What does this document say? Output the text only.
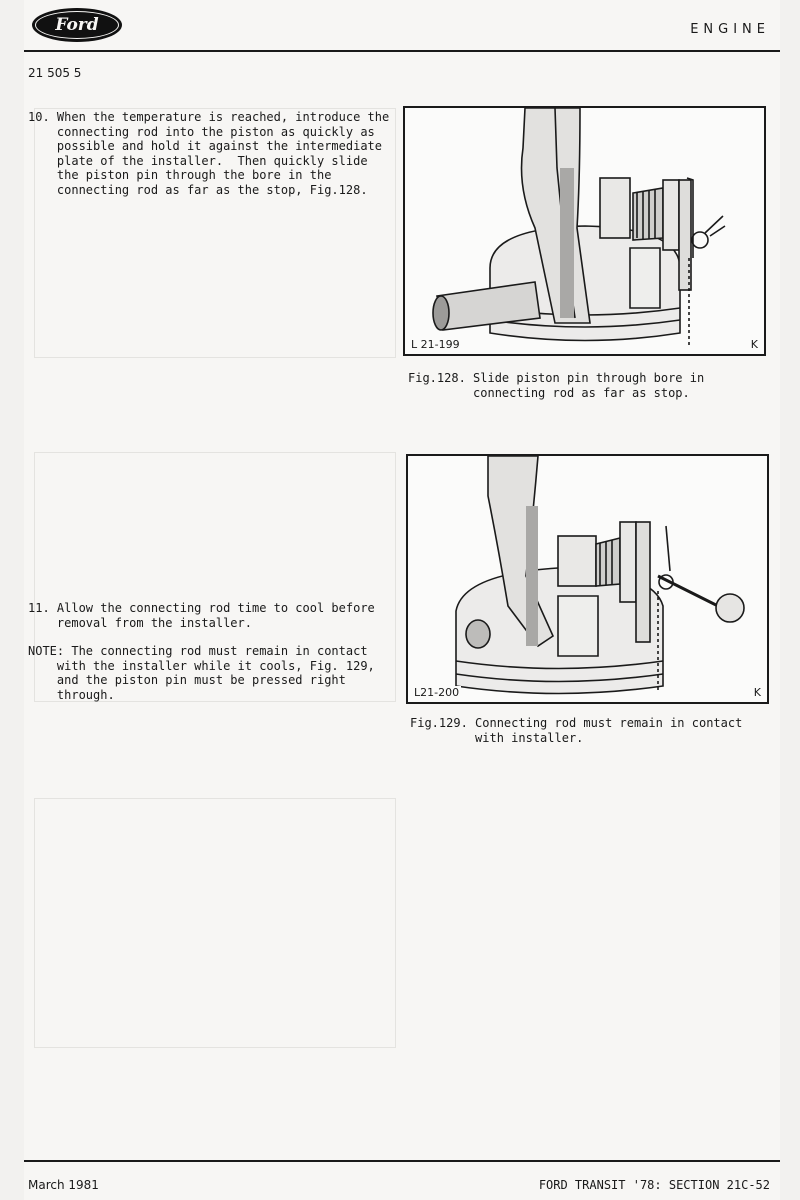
Ford	ENGINE
21 505 5
10. When the temperature is reached, introduce the
connecting rod into the piston as quickly as
possible and hold it against the intermediate
plate of the installer.  Then quickly slide
the piston pin through the bore in the
connecting rod as far as the stop, Fig.128.
L 21-199	K
Fig.128. Slide piston pin through bore in
connecting rod as far as stop.
L21-200	K
Fig.129. Connecting rod must remain in contact
with installer.
11. Allow the connecting rod time to cool before
removal from the installer.
NOTE: The connecting rod must remain in contact
with the installer while it cools, Fig. 129,
and the piston pin must be pressed right
through.
March 1981	FORD TRANSIT '78: SECTION 21C-52
